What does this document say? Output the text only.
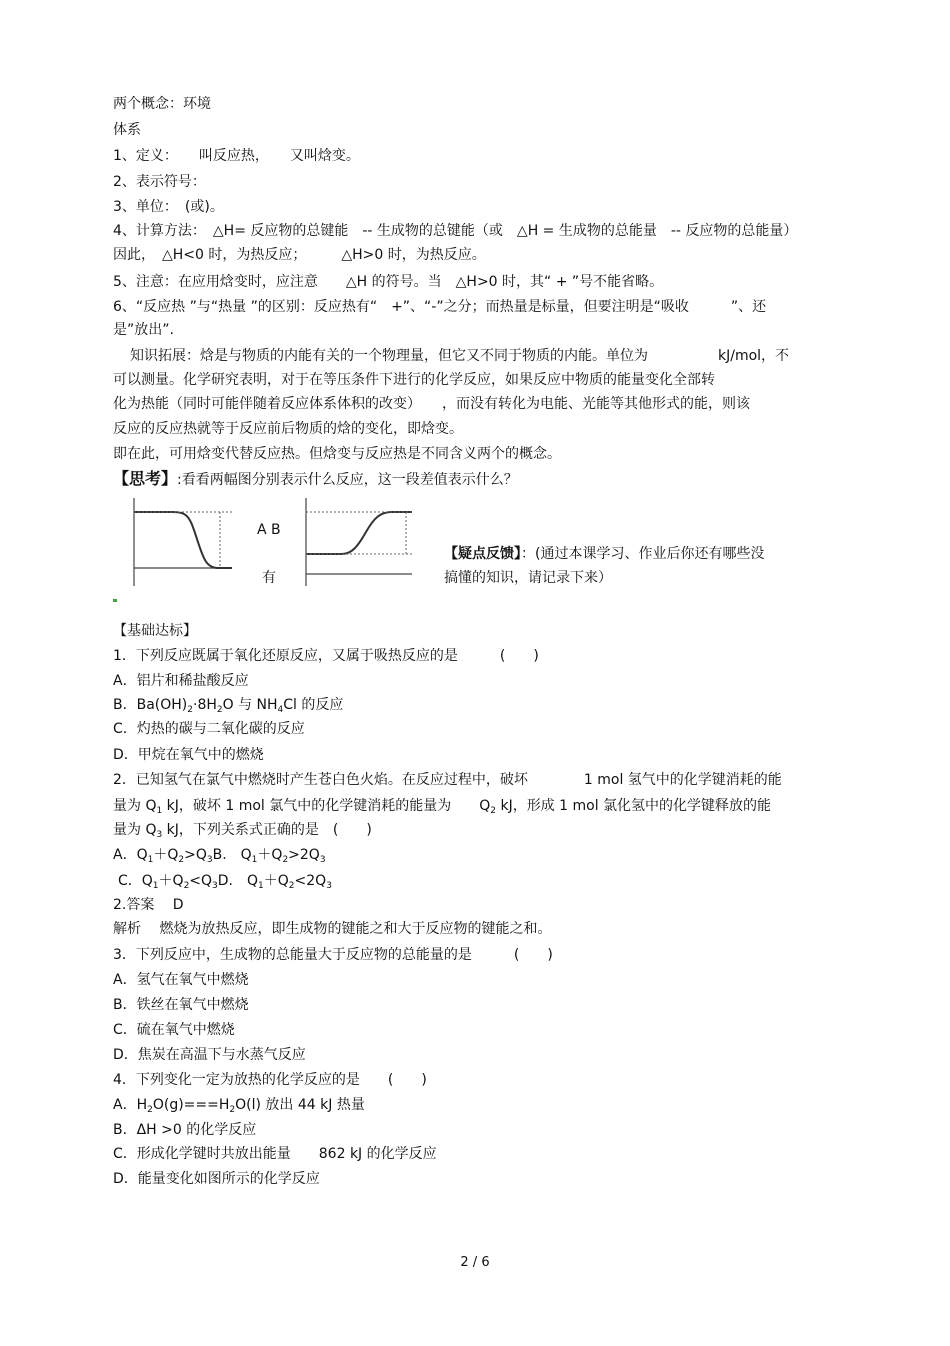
两个概念：环境
体系
1、定义：　　叫反应热，　　又叫焓变。
2、表示符号：
3、单位：　(或)。
4、计算方法：　△H= 反应物的总键能　-- 生成物的总键能（或　△H = 生成物的总能量　-- 反应物的总能量）
因此，　△H<0 时，为热反应；　　　△H>0 时，为热反应。
5、注意：在应用焓变时，应注意　　△H 的符号。当　△H>0 时，其“ + ”号不能省略。
6、“反应热 ”与“热量 ”的区别：反应热有“　+”、“-”之分；而热量是标量，但要注明是“吸收　　　”、还
是”放出”.
知识拓展：焓是与物质的内能有关的一个物理量，但它又不同于物质的内能。单位为　　　　　kJ/mol，不
可以测量。化学研究表明，对于在等压条件下进行的化学反应，如果反应中物质的能量变化全部转
化为热能（同时可能伴随着反应体系体积的改变）　　，而没有转化为电能、光能等其他形式的能，则该
反应的反应热就等于反应前后物质的焓的变化，即焓变。
即在此，可用焓变代替反应热。但焓变与反应热是不同含义两个的概念。
【思考】:看看两幅图分别表示什么反应，这一段差值表示什么？
A B
有
【疑点反馈】：(通过本课学习、作业后你还有哪些没
搞懂的知识，请记录下来）
【基础达标】
1．下列反应既属于氧化还原反应，又属于吸热反应的是　　　(　　)
A．铝片和稀盐酸反应
B．$Ba(OH)_2\cdot 8H_2O$ 与 $NH_4Cl$ 的反应
C．灼热的碳与二氧化碳的反应
D．甲烷在氧气中的燃烧
2．已知氢气在氯气中燃烧时产生苍白色火焰。在反应过程中，破坏　　　　1 mol 氢气中的化学键消耗的能
量为 $Q_1$ kJ，破坏 1 mol 氯气中的化学键消耗的能量为　　$Q_2$ kJ，形成 1 mol 氯化氢中的化学键释放的能
量为 $Q_3$ kJ，下列关系式正确的是　(　　)
A．$Q_1+Q_2>Q_3B$.　$Q_1+Q_2>2Q_3$
C．$Q_1+Q_2<Q_3D$.　$Q_1+Q_2<2Q_3$
2.答案　 D
解析　 燃烧为放热反应，即生成物的键能之和大于反应物的键能之和。
3．下列反应中，生成物的总能量大于反应物的总能量的是　　　(　　)
A．氢气在氧气中燃烧
B．铁丝在氧气中燃烧
C．硫在氧气中燃烧
D．焦炭在高温下与水蒸气反应
4．下列变化一定为放热的化学反应的是　　(　　)
A．$H_2O(g)===H_2O(l)$ 放出 44 kJ 热量
B．ΔH >0 的化学反应
C．形成化学键时共放出能量　　862 kJ 的化学反应
D．能量变化如图所示的化学反应
2 / 6
